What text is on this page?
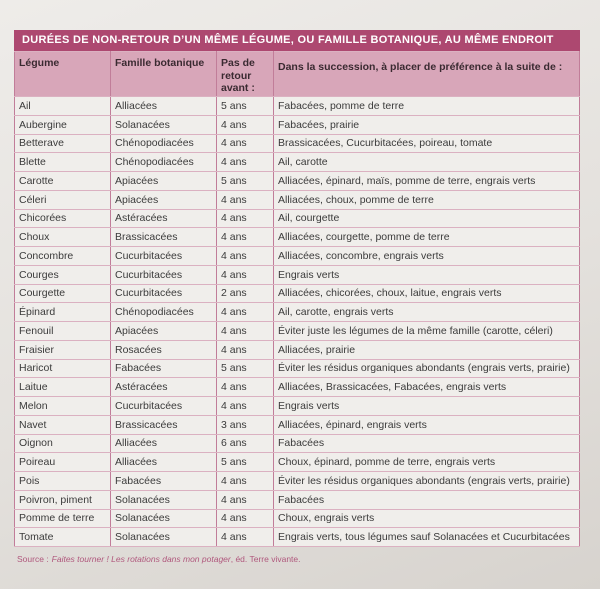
DURÉES DE NON-RETOUR D’UN MÊME LÉGUME, OU FAMILLE BOTANIQUE, AU MÊME ENDROIT
Légume	Famille botanique	Pas de retour avant :	Dans la succession, à placer de préférence à la suite de :
Ail	Alliacées	5 ans	Fabacées, pomme de terre
Aubergine	Solanacées	4 ans	Fabacées, prairie
Betterave	Chénopodiacées	4 ans	Brassicacées, Cucurbitacées, poireau, tomate
Blette	Chénopodiacées	4 ans	Ail, carotte
Carotte	Apiacées	5 ans	Alliacées, épinard, maïs, pomme de terre, engrais verts
Céleri	Apiacées	4 ans	Alliacées, choux, pomme de terre
Chicorées	Astéracées	4 ans	Ail, courgette
Choux	Brassicacées	4 ans	Alliacées, courgette, pomme de terre
Concombre	Cucurbitacées	4 ans	Alliacées, concombre, engrais verts
Courges	Cucurbitacées	4 ans	Engrais verts
Courgette	Cucurbitacées	2 ans	Alliacées, chicorées, choux, laitue, engrais verts
Épinard	Chénopodiacées	4 ans	Ail, carotte, engrais verts
Fenouil	Apiacées	4 ans	Éviter juste les légumes de la même famille (carotte, céleri)
Fraisier	Rosacées	4 ans	Alliacées, prairie
Haricot	Fabacées	5 ans	Éviter les résidus organiques abondants (engrais verts, prairie)
Laitue	Astéracées	4 ans	Alliacées, Brassicacées, Fabacées, engrais verts
Melon	Cucurbitacées	4 ans	Engrais verts
Navet	Brassicacées	3 ans	Alliacées, épinard, engrais verts
Oignon	Alliacées	6 ans	Fabacées
Poireau	Alliacées	5 ans	Choux, épinard, pomme de terre, engrais verts
Pois	Fabacées	4 ans	Éviter les résidus organiques abondants (engrais verts, prairie)
Poivron, piment	Solanacées	4 ans	Fabacées
Pomme de terre	Solanacées	4 ans	Choux, engrais verts
Tomate	Solanacées	4 ans	Engrais verts, tous légumes sauf Solanacées et Cucurbitacées

Source : Faites tourner ! Les rotations dans mon potager, éd. Terre vivante.
